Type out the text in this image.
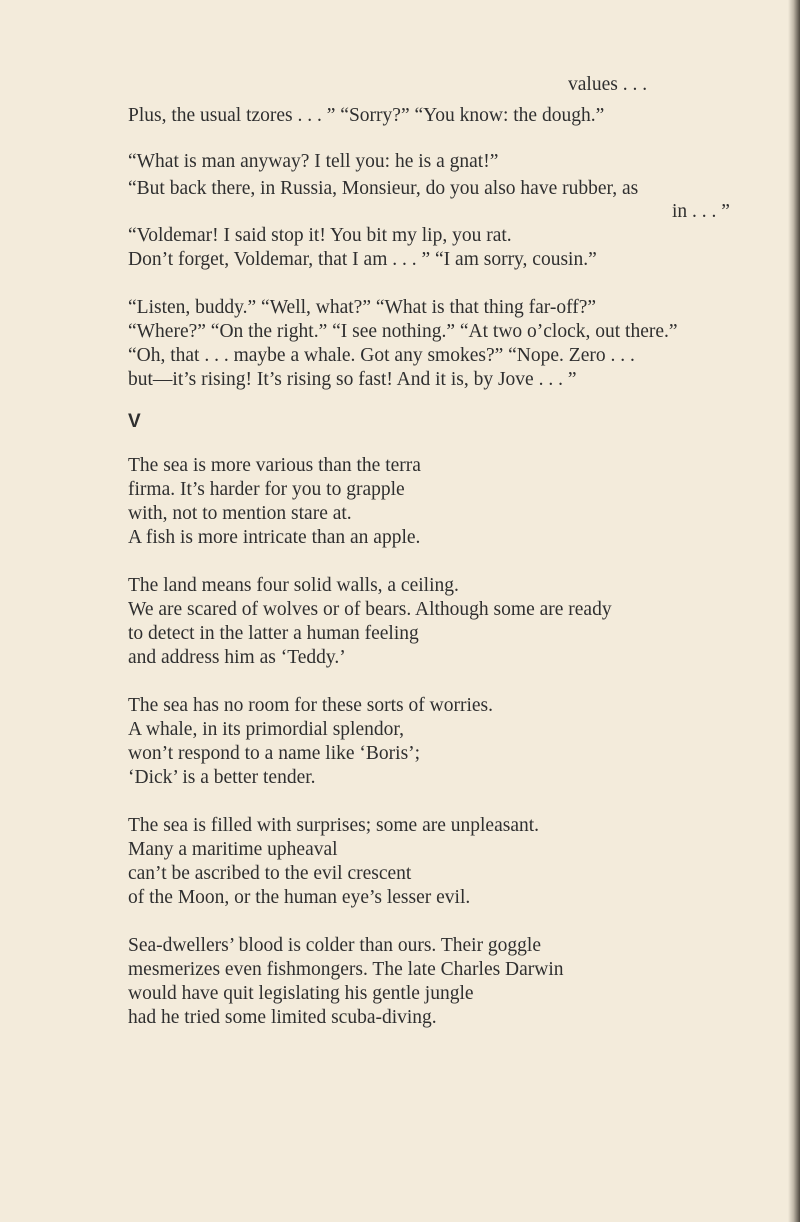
values . . .
Plus, the usual tzores . . . ” “Sorry?” “You know: the dough.”
“What is man anyway? I tell you: he is a gnat!”
“But back there, in Russia, Monsieur, do you also have rubber, as
in . . . ”
“Voldemar! I said stop it! You bit my lip, you rat.
Don’t forget, Voldemar, that I am . . . ” “I am sorry, cousin.”
“Listen, buddy.” “Well, what?” “What is that thing far-off?”
“Where?” “On the right.” “I see nothing.” “At two o’clock, out there.”
“Oh, that . . . maybe a whale. Got any smokes?” “Nope. Zero . . .
but—it’s rising! It’s rising so fast! And it is, by Jove . . . ”
V
The sea is more various than the terra
firma. It’s harder for you to grapple
with, not to mention stare at.
A fish is more intricate than an apple.
The land means four solid walls, a ceiling.
We are scared of wolves or of bears. Although some are ready
to detect in the latter a human feeling
and address him as ‘Teddy.’
The sea has no room for these sorts of worries.
A whale, in its primordial splendor,
won’t respond to a name like ‘Boris’;
‘Dick’ is a better tender.
The sea is filled with surprises; some are unpleasant.
Many a maritime upheaval
can’t be ascribed to the evil crescent
of the Moon, or the human eye’s lesser evil.
Sea-dwellers’ blood is colder than ours. Their goggle
mesmerizes even fishmongers. The late Charles Darwin
would have quit legislating his gentle jungle
had he tried some limited scuba-diving.
